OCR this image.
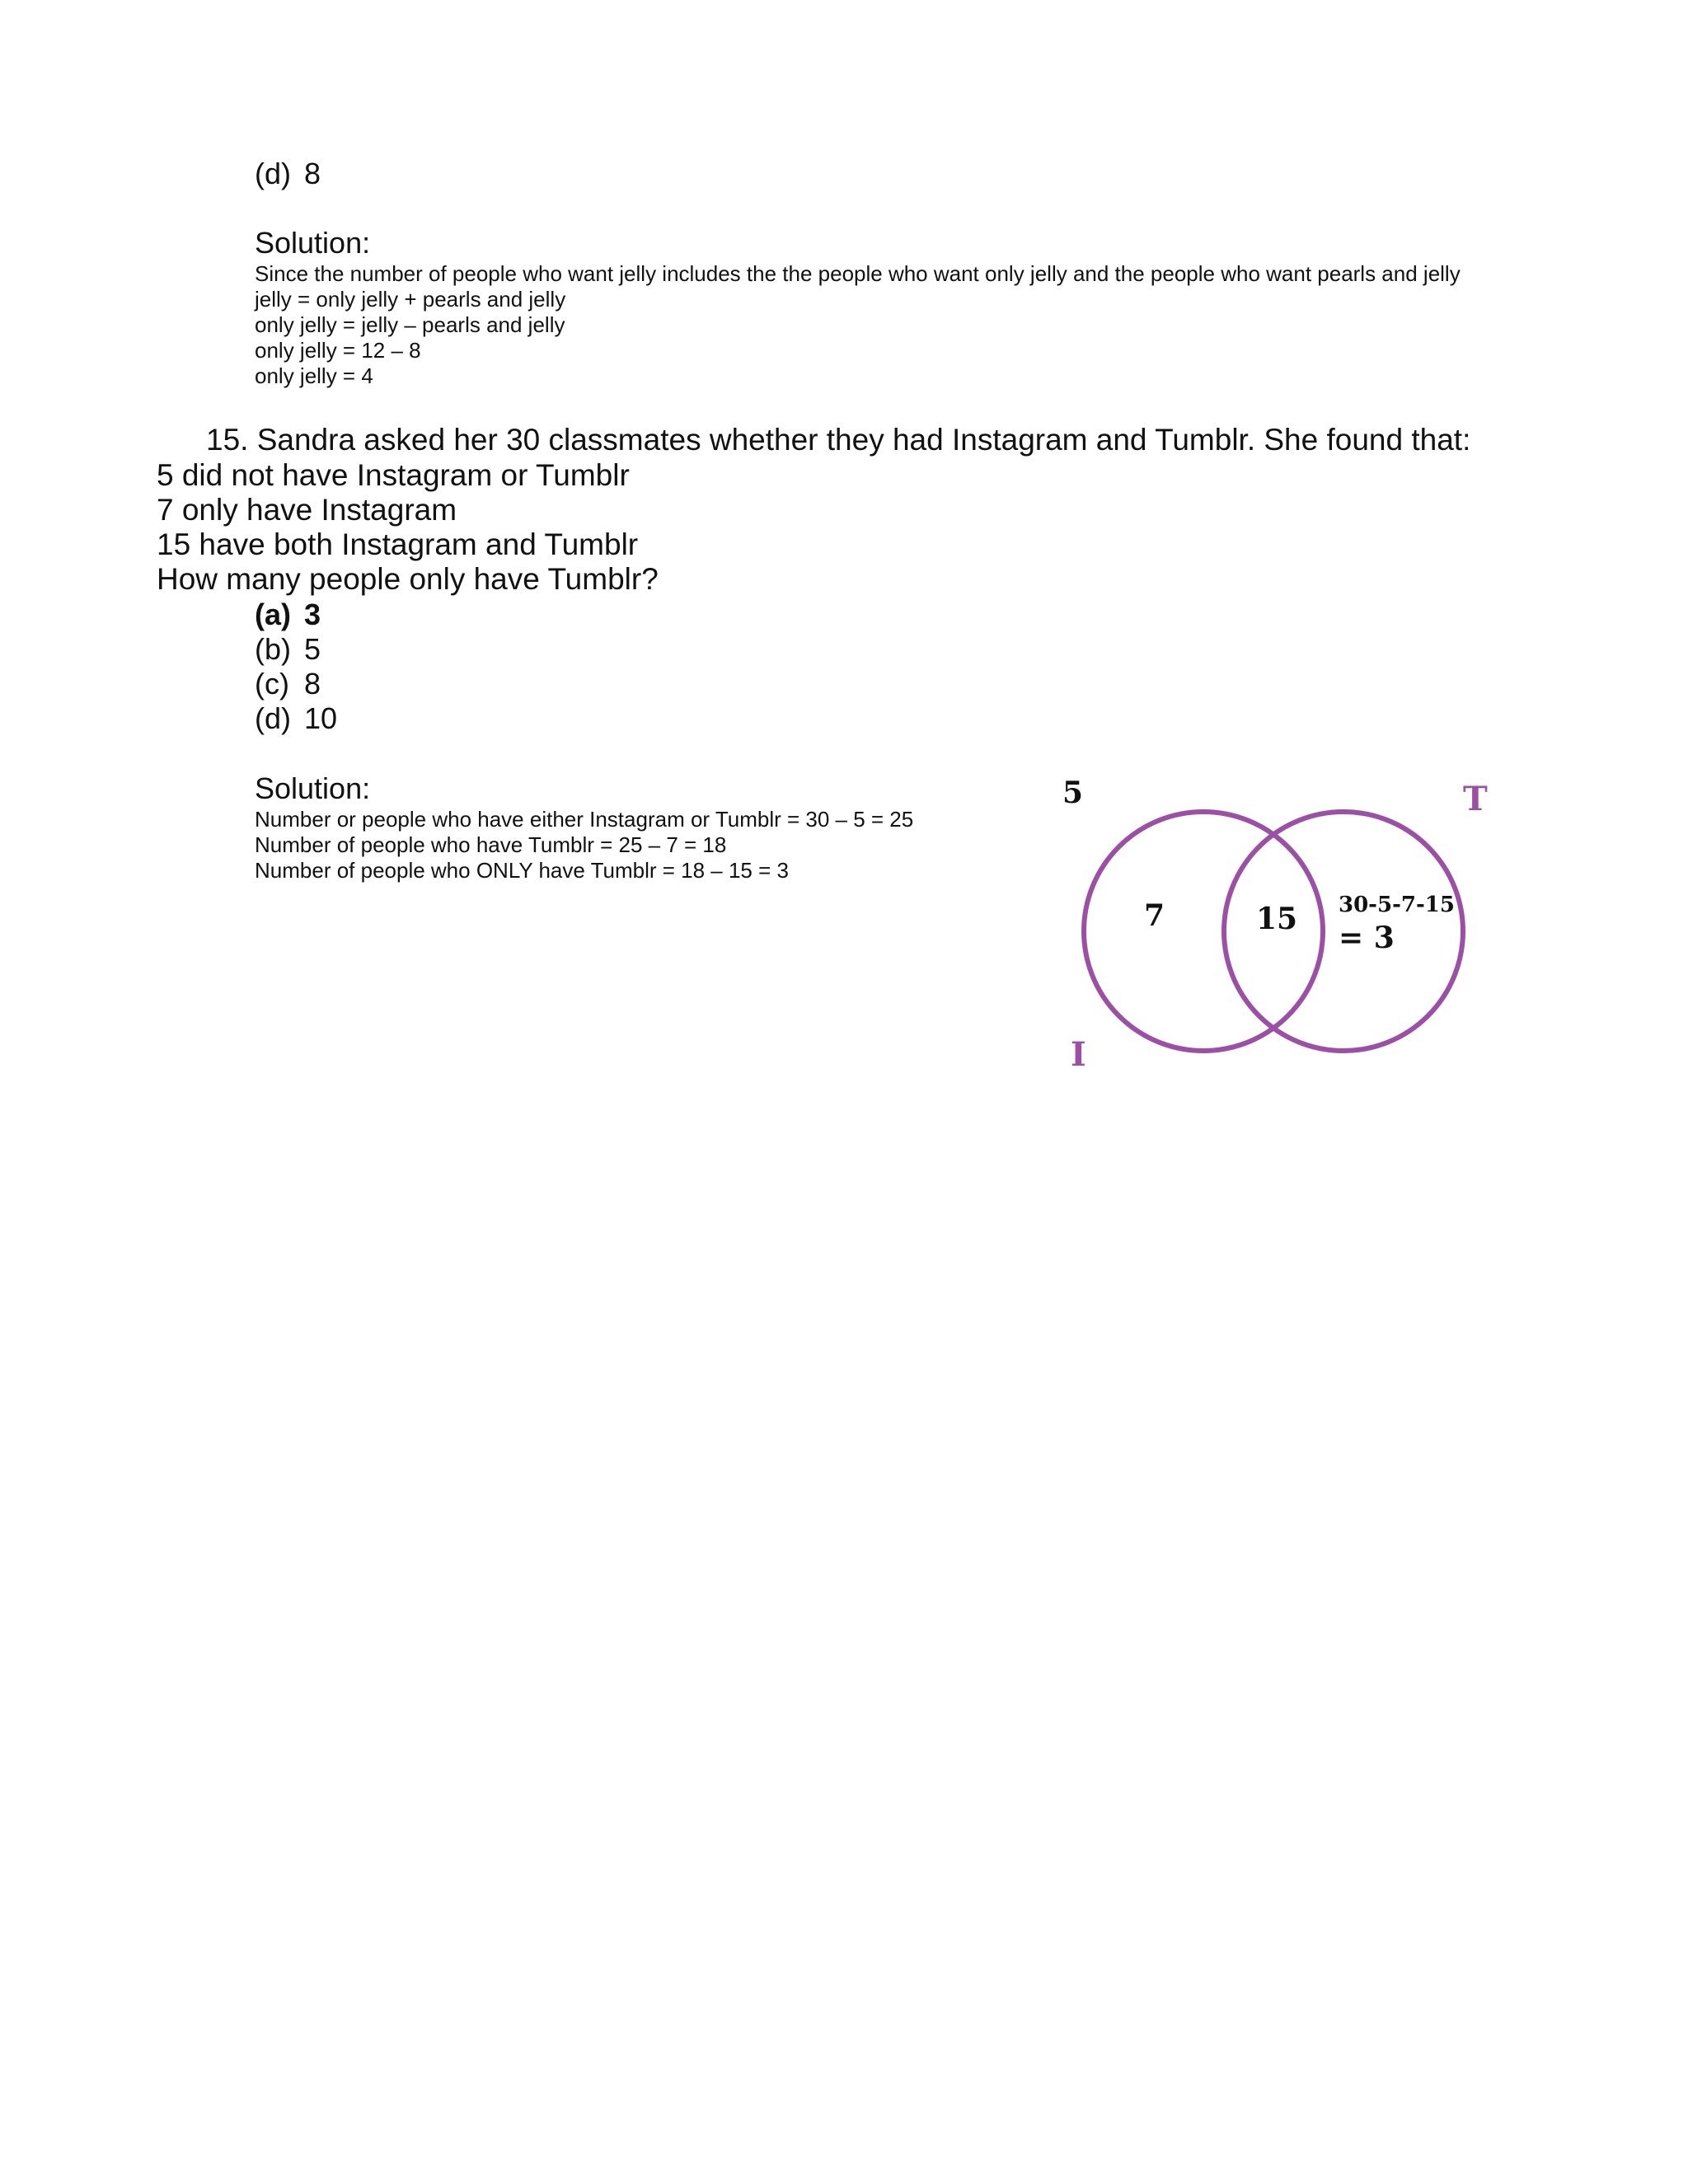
(d) 8
Solution:
Since the number of people who want jelly includes the the people who want only jelly and the people who want pearls and jelly
jelly = only jelly + pearls and jelly
only jelly = jelly – pearls and jelly
only jelly = 12 – 8
only jelly = 4
15. Sandra asked her 30 classmates whether they had Instagram and Tumblr. She found that:
5 did not have Instagram or Tumblr
7 only have Instagram
15 have both Instagram and Tumblr
How many people only have Tumblr?
(a) 3
(b) 5
(c) 8
(d) 10
Solution:
Number or people who have either Instagram or Tumblr = 30 – 5 = 25
Number of people who have Tumblr = 25 – 7 = 18
Number of people who ONLY have Tumblr = 18 – 15 = 3
5	T
I
7	15 30-5-7-15
= 3
